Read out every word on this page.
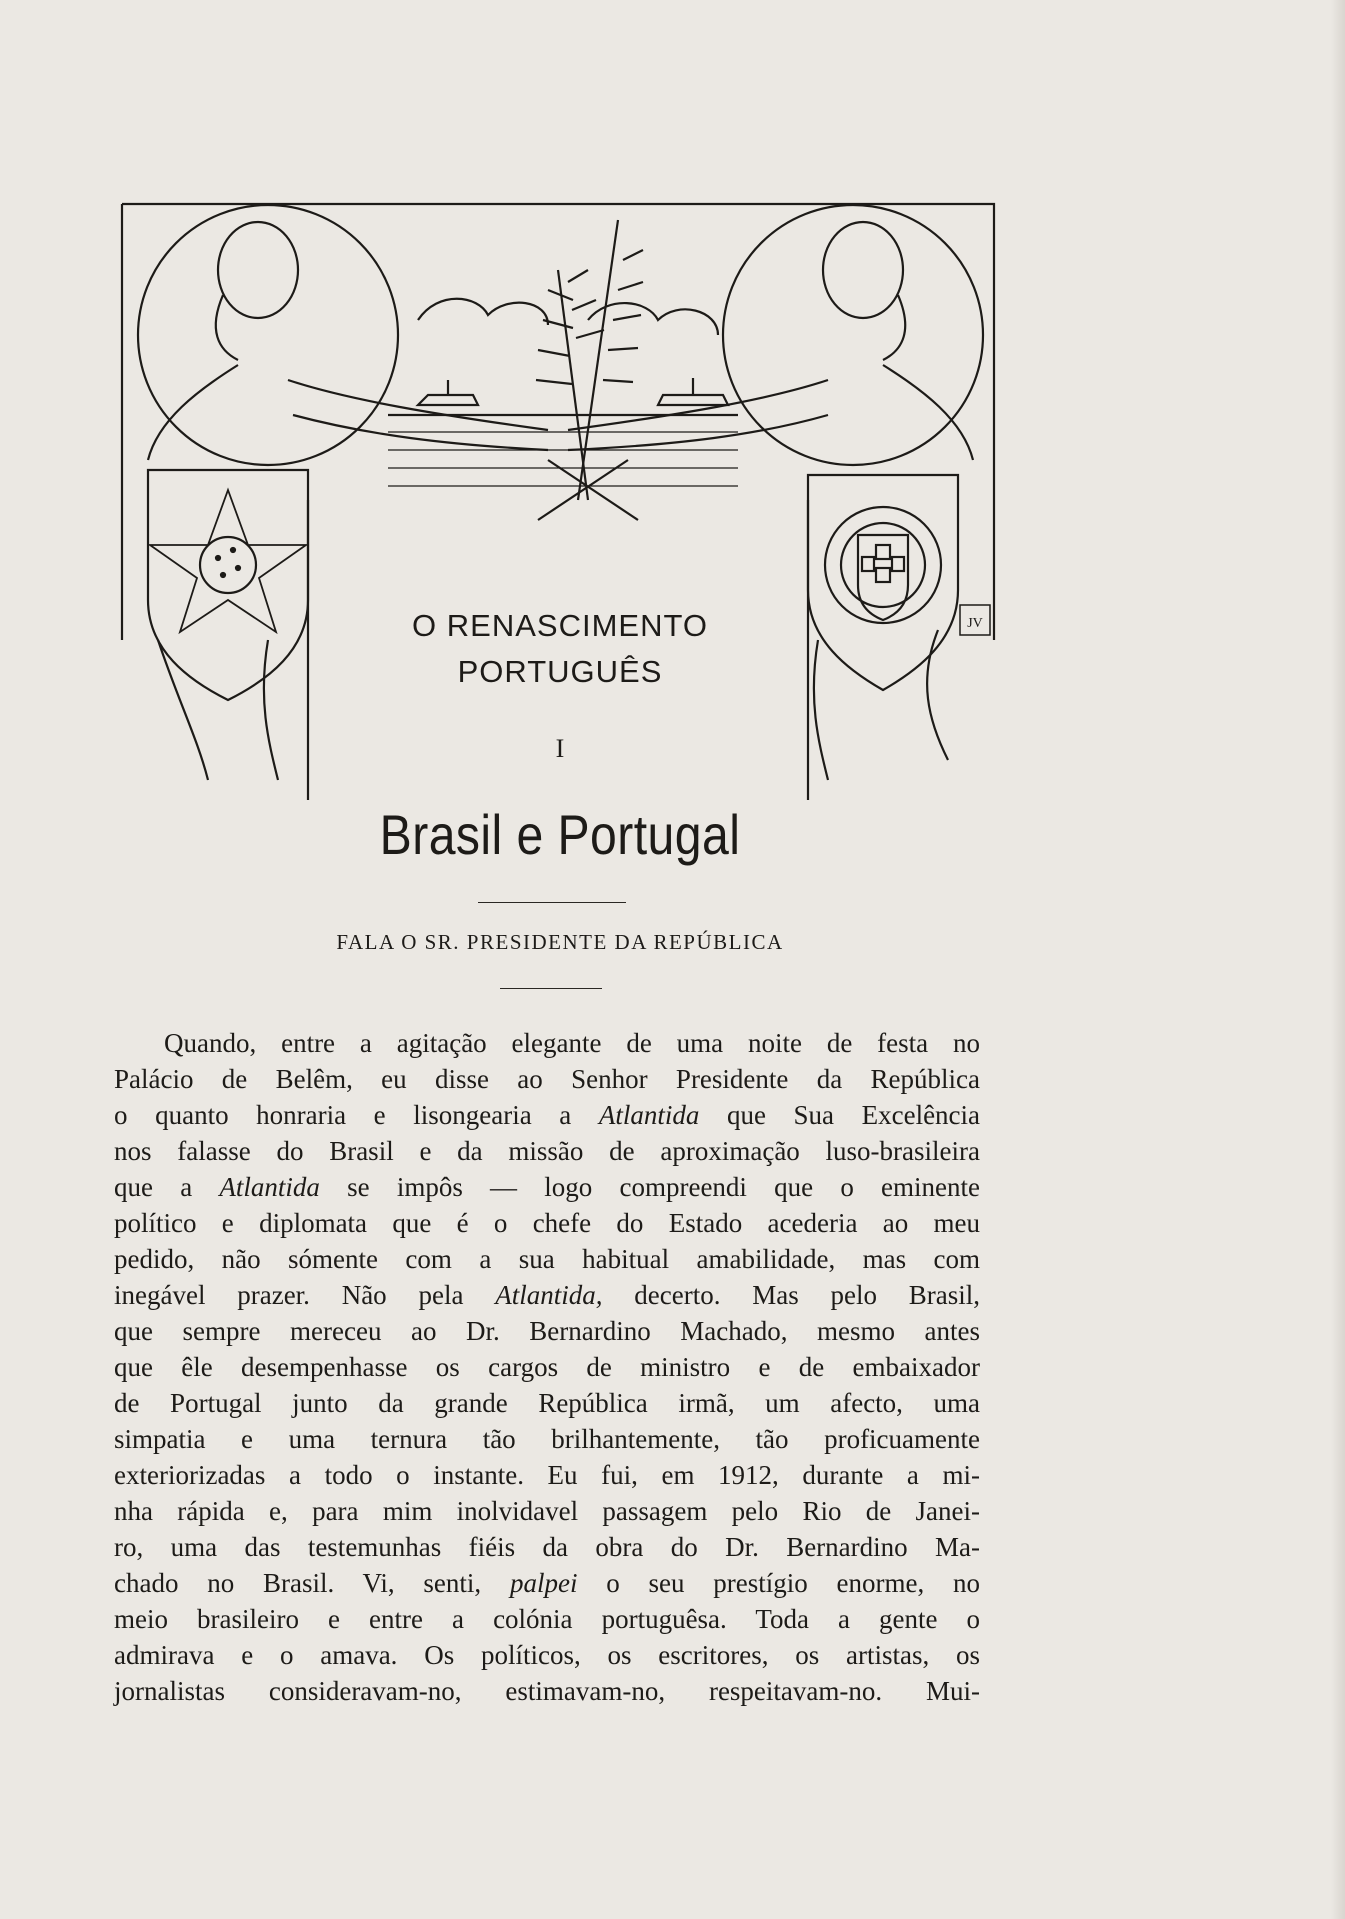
JV
O RENASCIMENTO
PORTUGUÊS
I
Brasil e Portugal
FALA O SR. PRESIDENTE DA REPÚBLICA

Quando, entre a agitação elegante de uma noite de festa no

Palácio de Belêm, eu disse ao Senhor Presidente da República

o quanto honraria e lisongearia a Atlantida que Sua Excelência

nos falasse do Brasil e da missão de aproximação luso-brasileira

que a Atlantida se impôs — logo compreendi que o eminente

político e diplomata que é o chefe do Estado acederia ao meu

pedido, não sómente com a sua habitual amabilidade, mas com

inegável prazer. Não pela Atlantida, decerto. Mas pelo Brasil,

que sempre mereceu ao Dr. Bernardino Machado, mesmo antes

que êle desempenhasse os cargos de ministro e de embaixador

de Portugal junto da grande República irmã, um afecto, uma

simpatia e uma ternura tão brilhantemente, tão proficuamente

exteriorizadas a todo o instante. Eu fui, em 1912, durante a mi-

nha rápida e, para mim inolvidavel passagem pelo Rio de Janei-

ro, uma das testemunhas fiéis da obra do Dr. Bernardino Ma-

chado no Brasil. Vi, senti, palpei o seu prestígio enorme, no

meio brasileiro e entre a colónia portuguêsa. Toda a gente o

admirava e o amava. Os políticos, os escritores, os artistas, os

jornalistas consideravam-no, estimavam-no, respeitavam-no. Mui-
